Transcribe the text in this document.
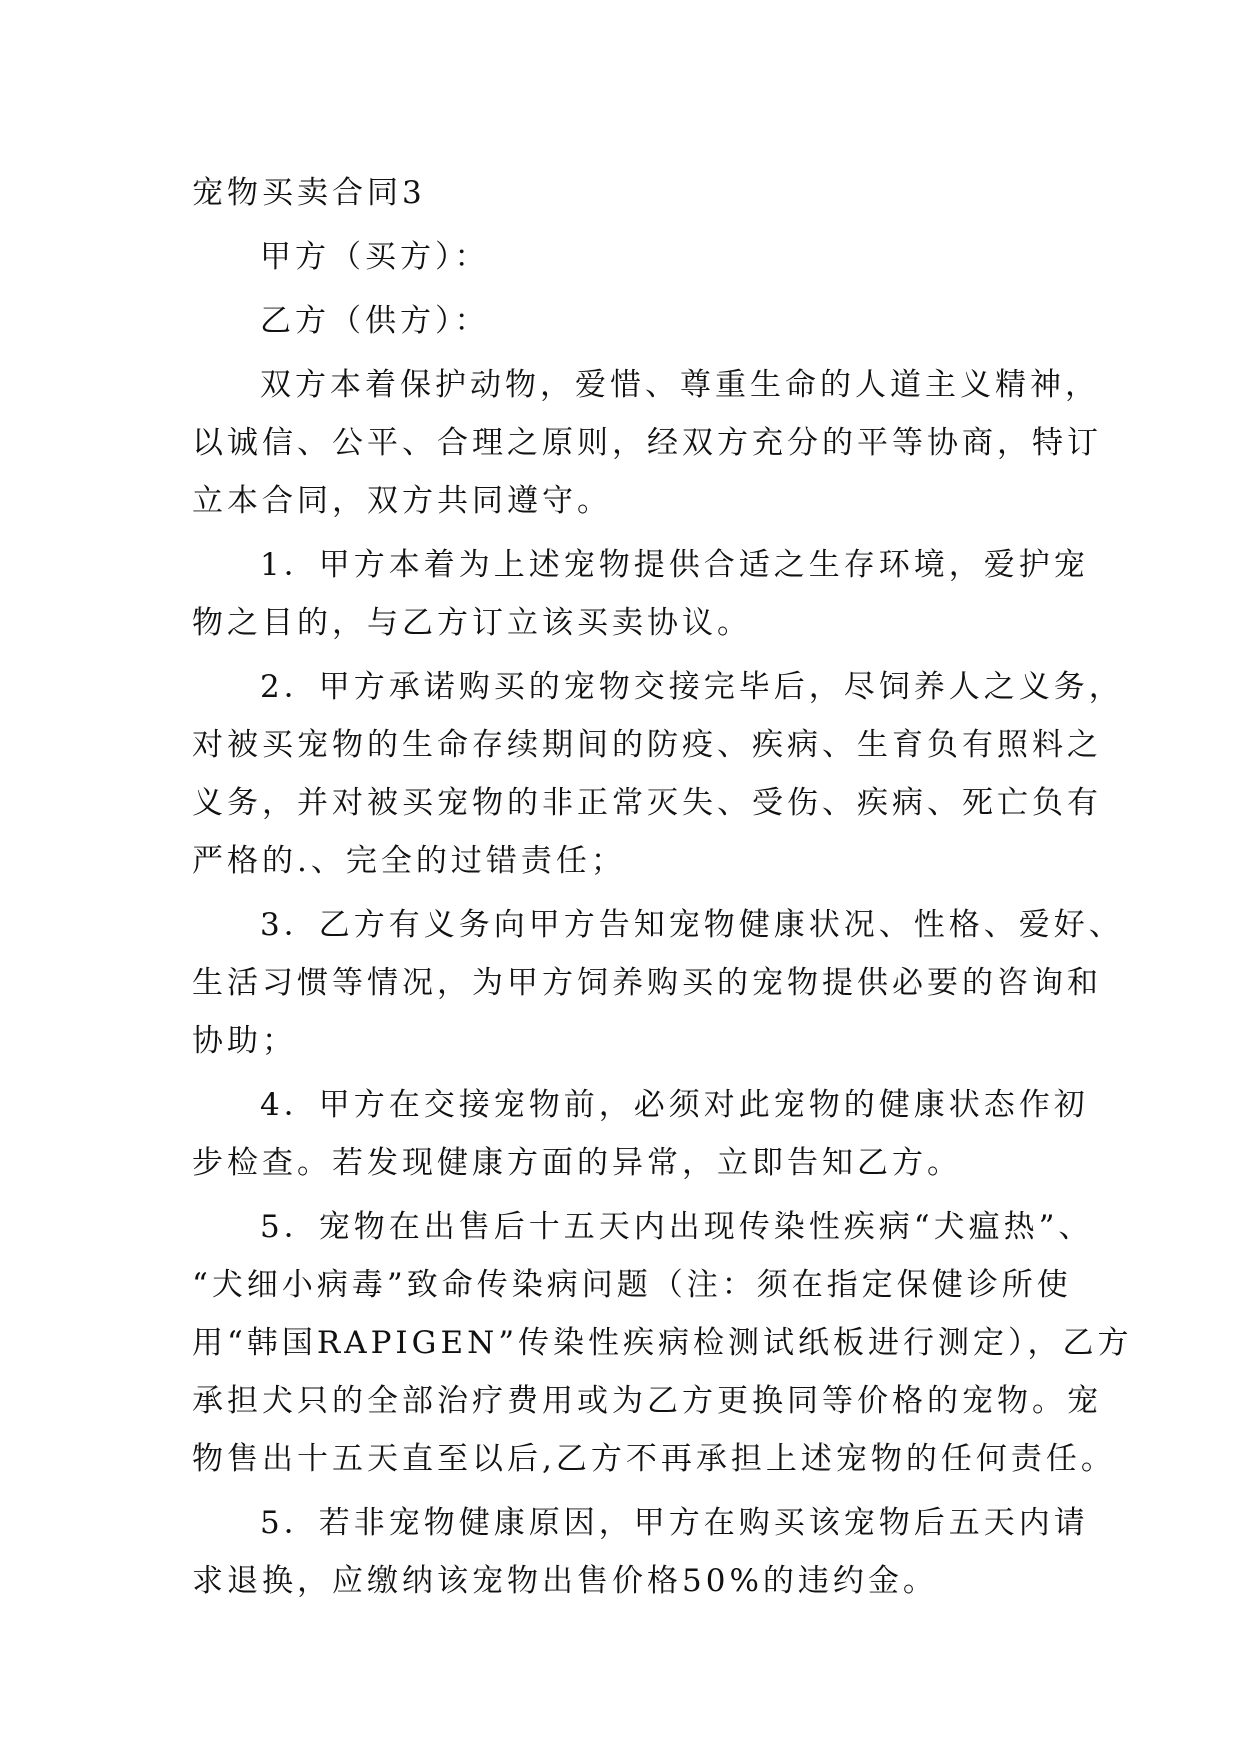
宠物买卖合同3
甲方（买方）：
乙方（供方）：
双方本着保护动物，爱惜、尊重生命的人道主义精神，
以诚信、公平、合理之原则，经双方充分的平等协商，特订
立本合同，双方共同遵守。
1．甲方本着为上述宠物提供合适之生存环境，爱护宠
物之目的，与乙方订立该买卖协议。
2．甲方承诺购买的宠物交接完毕后，尽饲养人之义务，
对被买宠物的生命存续期间的防疫、疾病、生育负有照料之
义务，并对被买宠物的非正常灭失、受伤、疾病、死亡负有
严格的.、完全的过错责任；
3．乙方有义务向甲方告知宠物健康状况、性格、爱好、
生活习惯等情况，为甲方饲养购买的宠物提供必要的咨询和
协助；
4．甲方在交接宠物前，必须对此宠物的健康状态作初
步检查。若发现健康方面的异常，立即告知乙方。
5．宠物在出售后十五天内出现传染性疾病“犬瘟热”、
“犬细小病毒”致命传染病问题（注：须在指定保健诊所使
用“韩国RAPIGEN”传染性疾病检测试纸板进行测定），乙方
承担犬只的全部治疗费用或为乙方更换同等价格的宠物。宠
物售出十五天直至以后,乙方不再承担上述宠物的任何责任。
5．若非宠物健康原因，甲方在购买该宠物后五天内请
求退换，应缴纳该宠物出售价格50%的违约金。
